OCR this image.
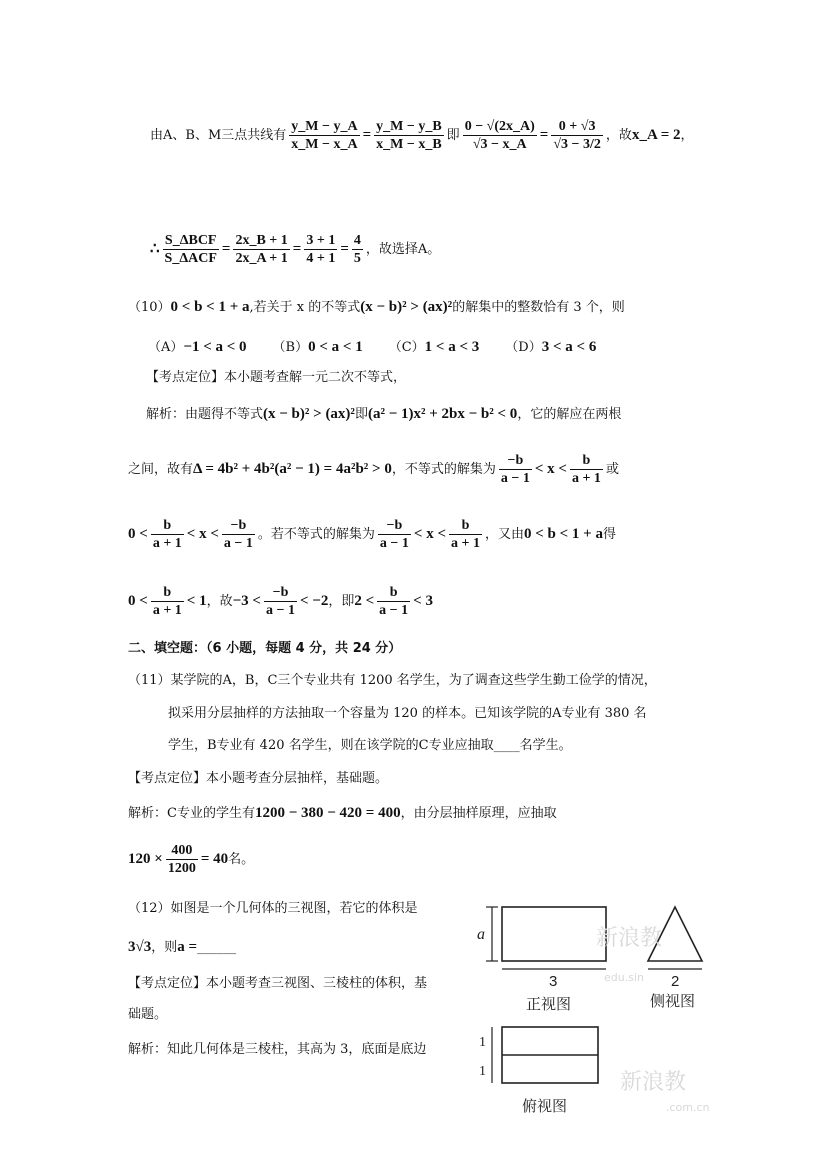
由A、B、M三点共线有 $\frac{y\_M - y\_A}{x\_M - x\_A} = \frac{y\_M - y\_B}{x\_M - x\_B}$ 即 $\frac{0 - √(2x\_A)}{√3 - x\_A} = \frac{0 + √3}{√3 - 3/2}$ ，故x_A = 2，
∴ $\frac{\text{S\_ΔBCF}}{\text{S\_ΔACF}} = \frac{2x\_B + 1}{2x\_A + 1} = \frac{3 + 1}{4 + 1} = \frac{4}{5}$ ，故选择A。
（10）0 < b < 1 + a,若关于 x 的不等式(x − b)² > (ax)²的解集中的整数恰有 3 个，则
（A）−1 < a < 0 （B）0 < a < 1 （C）1 < a < 3 （D）3 < a < 6
【考点定位】本小题考查解一元二次不等式，
解析：由题得不等式(x − b)² > (ax)²即(a² − 1)x² + 2bx − b² < 0，它的解应在两根
之间，故有Δ = 4b² + 4b²(a² − 1) = 4a²b² > 0，不等式的解集为 $\frac{-b}{a - 1} < x < \frac{b}{a + 1}$ 或
$0 < \frac{b}{a + 1} < x < \frac{-b}{a - 1}$ 。若不等式的解集为 $\frac{-b}{a - 1} < x < \frac{b}{a + 1}$ ，又由0 < b < 1 + a得
$0 < \frac{b}{a + 1} < 1$，故$-3 < \frac{-b}{a - 1} < -2$，即$2 < \frac{b}{a - 1} < 3$
二、填空题：（6 小题，每题 4 分，共 24 分）
（11）某学院的A，B，C三个专业共有 1200 名学生，为了调查这些学生勤工俭学的情况，
拟采用分层抽样的方法抽取一个容量为 120 的样本。已知该学院的A专业有 380 名
学生，B专业有 420 名学生，则在该学院的C专业应抽取____名学生。
【考点定位】本小题考查分层抽样，基础题。
解析：C专业的学生有1200 − 380 − 420 = 400，由分层抽样原理，应抽取
$120 \times \frac{400}{1200} = 40$名。
（12）如图是一个几何体的三视图，若它的体积是
3√3，则a =______
【考点定位】本小题考查三视图、三棱柱的体积，基
础题。
解析：知此几何体是三棱柱，其高为 3，底面是底边
a
3
正视图
2
侧视图
1
1
俯视图
新浪教
edu.sin
新浪教
.com.cn
